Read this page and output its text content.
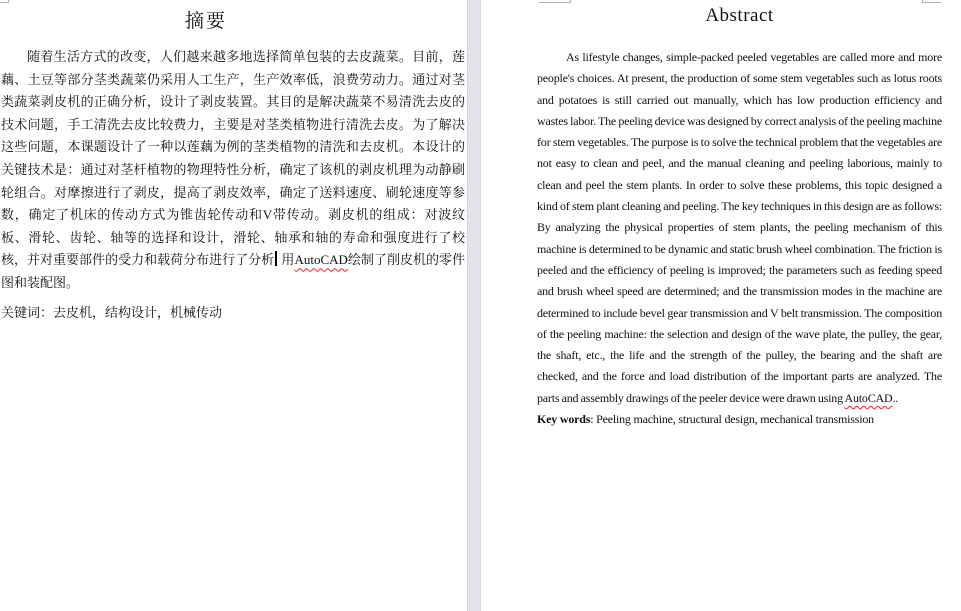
摘要

随着生活方式的改变，人们越来越多地选择简单包装的去皮蔬菜。目前，莲藕、土豆等部分茎类蔬菜仍采用人工生产，生产效率低，浪费劳动力。通过对茎类蔬菜剥皮机的正确分析，设计了剥皮装置。其目的是解决蔬菜不易清洗去皮的技术问题，手工清洗去皮比较费力，主要是对茎类植物进行清洗去皮。为了解决这些问题，本课题设计了一种以莲藕为例的茎类植物的清洗和去皮机。本设计的关键技术是：通过对茎杆植物的物理特性分析，确定了该机的剥皮机理为动静刷轮组合。对摩擦进行了剥皮，提高了剥皮效率，确定了送料速度、刷轮速度等参数，确定了机床的传动方式为锥齿轮传动和V带传动。剥皮机的组成：对波纹板、滑轮、齿轮、轴等的选择和设计，滑轮、轴承和轴的寿命和强度进行了校核，并对重要部件的受力和载荷分布进行了分析 用AutoCAD绘制了削皮机的零件图和装配图。

关键词：去皮机，结构设计，机械传动

Abstract

As lifestyle changes, simple-packed peeled vegetables are called more and more people's choices. At present, the production of some stem vegetables such as lotus roots and potatoes is still carried out manually, which has low production efficiency and wastes labor. The peeling device was designed by correct analysis of the peeling machine for stem vegetables. The purpose is to solve the technical problem that the vegetables are not easy to clean and peel, and the manual cleaning and peeling laborious, mainly to clean and peel the stem plants. In order to solve these problems, this topic designed a kind of stem plant cleaning and peeling. The key techniques in this design are as follows: By analyzing the physical properties of stem plants, the peeling mechanism of this machine is determined to be dynamic and static brush wheel combination. The friction is peeled and the efficiency of peeling is improved; the parameters such as feeding speed and brush wheel speed are determined; and the transmission modes in the machine are determined to include bevel gear transmission and V belt transmission. The composition of the peeling machine: the selection and design of the wave plate, the pulley, the gear, the shaft, etc., the life and the strength of the pulley, the bearing and the shaft are checked, and the force and load distribution of the important parts are analyzed. The parts and assembly drawings of the peeler device were drawn using AutoCAD..

Key words: Peeling machine, structural design, mechanical transmission
